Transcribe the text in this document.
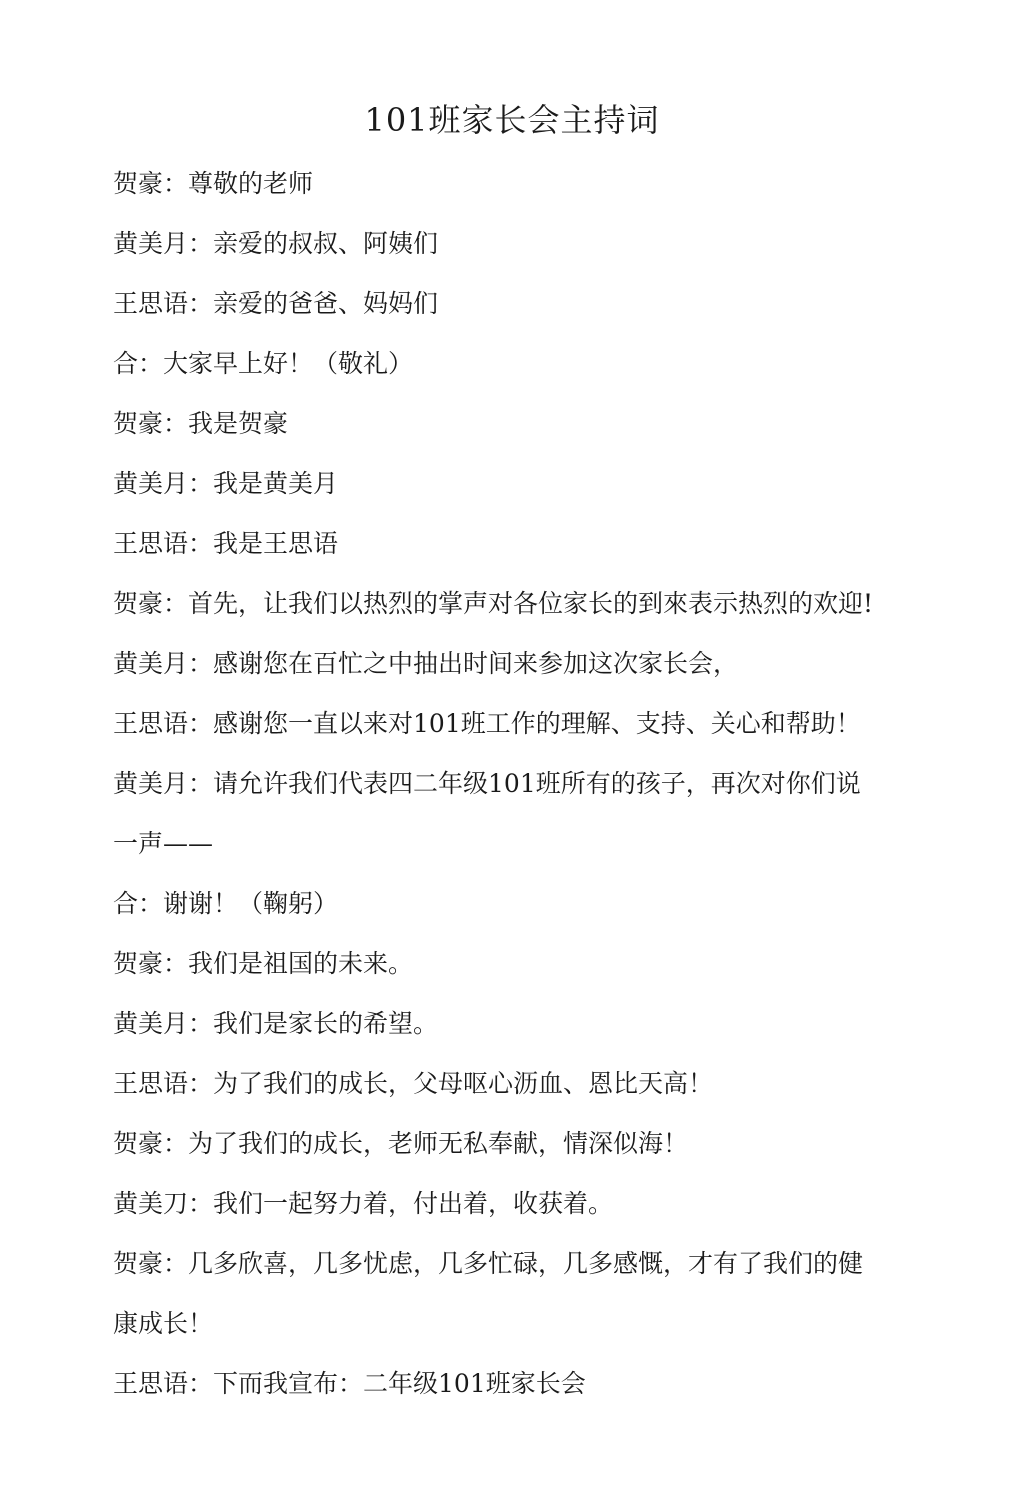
101班家长会主持词
贺豪：尊敬的老师
黄美月：亲爱的叔叔、阿姨们
王思语：亲爱的爸爸、妈妈们
合：大家早上好！（敬礼）
贺豪：我是贺豪
黄美月：我是黄美月
王思语：我是王思语
贺豪：首先，让我们以热烈的掌声对各位家长的到來表示热烈的欢迎!
黄美月：感谢您在百忙之中抽出时间来参加这次家长会，
王思语：感谢您一直以来对101班工作的理解、支持、关心和帮助！
黄美月：请允许我们代表四二年级101班所有的孩子，再次对你们说
一声——
合：谢谢！（鞠躬）
贺豪：我们是祖国的未来。
黄美月：我们是家长的希望。
王思语：为了我们的成长，父母呕心沥血、恩比天高！
贺豪：为了我们的成长，老师无私奉献，情深似海！
黄美刀：我们一起努力着，付出着，收获着。
贺豪：几多欣喜，几多忧虑，几多忙碌，几多感慨，才有了我们的健
康成长！
王思语：下而我宣布：二年级101班家长会
